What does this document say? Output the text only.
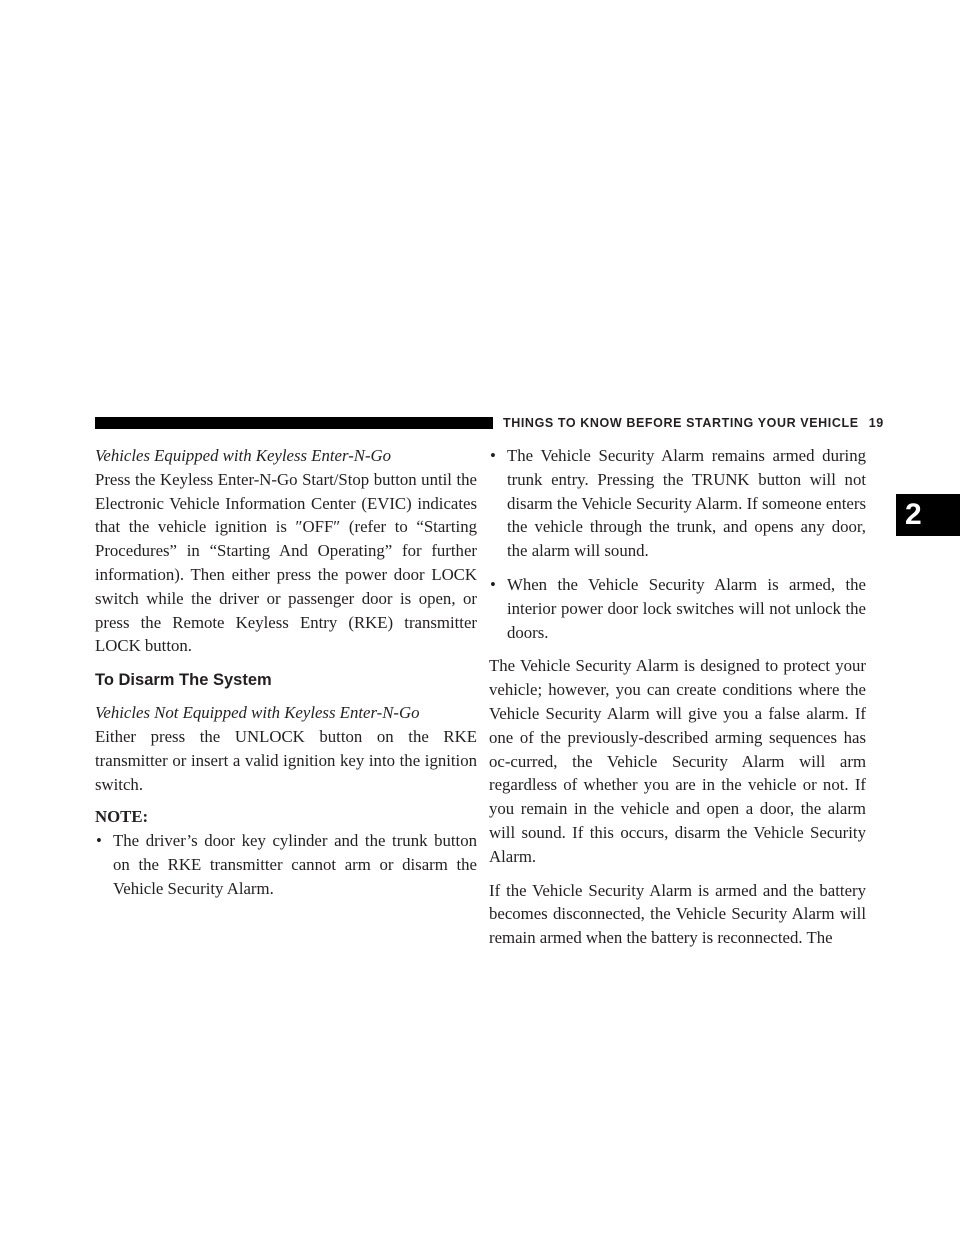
THINGS TO KNOW BEFORE STARTING YOUR VEHICLE 19
2
Vehicles Equipped with Keyless Enter-N-Go

Press the Keyless Enter-N-Go Start/Stop button until the Electronic Vehicle Information Center (EVIC) indicates that the vehicle ignition is ″OFF″ (refer to “Starting Procedures” in “Starting And Operating” for further information). Then either press the power door LOCK switch while the driver or passenger door is open, or press the Remote Keyless Entry (RKE) transmitter LOCK button.

To Disarm The System
Vehicles Not Equipped with Keyless Enter-N-Go

Either press the UNLOCK button on the RKE transmitter or insert a valid ignition key into the ignition switch.

NOTE:
• The driver’s door key cylinder and the trunk button on the RKE transmitter cannot arm or disarm the Vehicle Security Alarm.
• The Vehicle Security Alarm remains armed during trunk entry. Pressing the TRUNK button will not disarm the Vehicle Security Alarm. If someone enters the vehicle through the trunk, and opens any door, the alarm will sound.
• When the Vehicle Security Alarm is armed, the interior power door lock switches will not unlock the doors.

The Vehicle Security Alarm is designed to protect your vehicle; however, you can create conditions where the Vehicle Security Alarm will give you a false alarm. If one of the previously-described arming sequences has oc-curred, the Vehicle Security Alarm will arm regardless of whether you are in the vehicle or not. If you remain in the vehicle and open a door, the alarm will sound. If this occurs, disarm the Vehicle Security Alarm.

If the Vehicle Security Alarm is armed and the battery becomes disconnected, the Vehicle Security Alarm will remain armed when the battery is reconnected. The
